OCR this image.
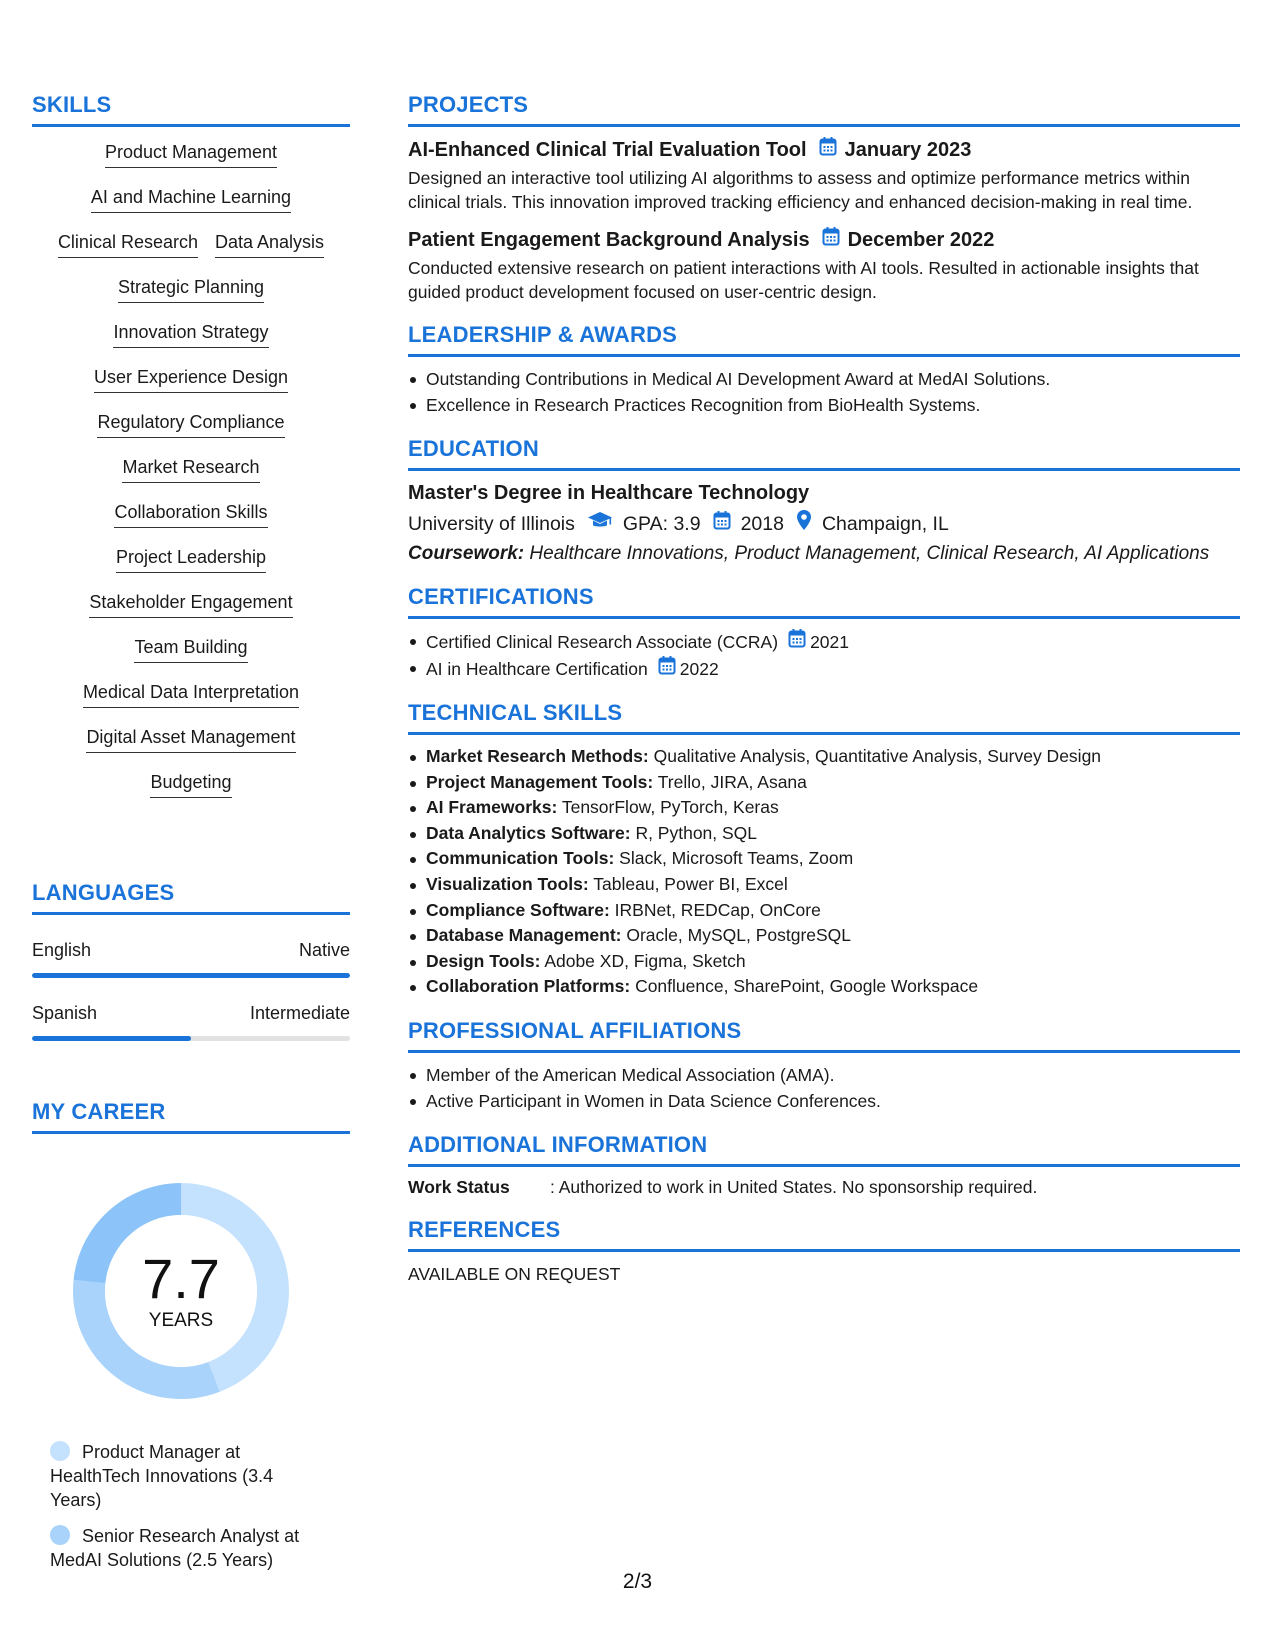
SKILLS
Product Management
AI and Machine Learning
Clinical Research Data Analysis
Strategic Planning
Innovation Strategy
User Experience Design
Regulatory Compliance
Market Research
Collaboration Skills
Project Leadership
Stakeholder Engagement
Team Building
Medical Data Interpretation
Digital Asset Management
Budgeting
LANGUAGES
English	Native
Spanish	Intermediate
MY CAREER
7.7
YEARS
Product Manager at HealthTech Innovations (3.4 Years)
Senior Research Analyst at MedAI Solutions (2.5 Years)
PROJECTS
AI-Enhanced Clinical Trial Evaluation Tool January 2023
Designed an interactive tool utilizing AI algorithms to assess and optimize performance metrics within clinical trials. This innovation improved tracking efficiency and enhanced decision-making in real time.
Patient Engagement Background Analysis December 2022
Conducted extensive research on patient interactions with AI tools. Resulted in actionable insights that guided product development focused on user-centric design.
LEADERSHIP & AWARDS
Outstanding Contributions in Medical AI Development Award at MedAI Solutions.
Excellence in Research Practices Recognition from BioHealth Systems.
EDUCATION
Master's Degree in Healthcare Technology
University of Illinois GPA: 3.9 2018 Champaign, IL
Coursework: Healthcare Innovations, Product Management, Clinical Research, AI Applications
CERTIFICATIONS
Certified Clinical Research Associate (CCRA) 2021
AI in Healthcare Certification 2022
TECHNICAL SKILLS
Market Research Methods: Qualitative Analysis, Quantitative Analysis, Survey Design
Project Management Tools: Trello, JIRA, Asana
AI Frameworks: TensorFlow, PyTorch, Keras
Data Analytics Software: R, Python, SQL
Communication Tools: Slack, Microsoft Teams, Zoom
Visualization Tools: Tableau, Power BI, Excel
Compliance Software: IRBNet, REDCap, OnCore
Database Management: Oracle, MySQL, PostgreSQL
Design Tools: Adobe XD, Figma, Sketch
Collaboration Platforms: Confluence, SharePoint, Google Workspace
PROFESSIONAL AFFILIATIONS
Member of the American Medical Association (AMA).
Active Participant in Women in Data Science Conferences.
ADDITIONAL INFORMATION
Work Status	: Authorized to work in United States. No sponsorship required.
REFERENCES
AVAILABLE ON REQUEST
2/3
